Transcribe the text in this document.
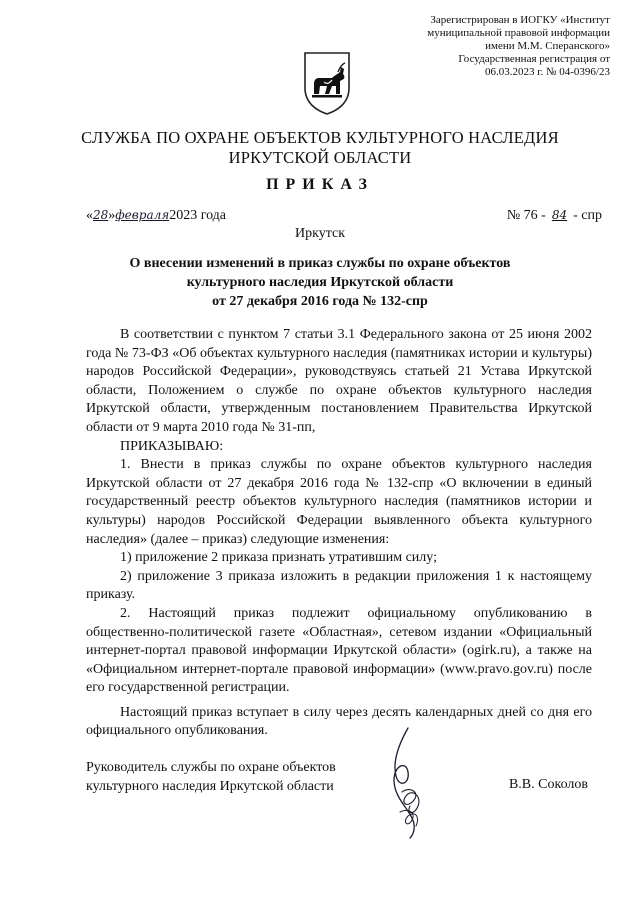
Зарегистрирован в ИОГКУ «Институт
муниципальной правовой информации
имени М.М. Сперанского»
Государственная регистрация от
06.03.2023 г. № 04-0396/23
СЛУЖБА ПО ОХРАНЕ ОБЪЕКТОВ КУЛЬТУРНОГО НАСЛЕДИЯ
ИРКУТСКОЙ ОБЛАСТИ
ПРИКАЗ
«28»февраля2023 года	№ 76 - 84 - спр
Иркутск
О внесении изменений в приказ службы по охране объектов
культурного наследия Иркутской области
от 27 декабря 2016 года № 132-спр

В соответствии с пунктом 7 статьи 3.1 Федерального закона от 25 июня 2002 года № 73-ФЗ «Об объектах культурного наследия (памятниках истории и культуры) народов Российской Федерации», руководствуясь статьей 21 Устава Иркутской области, Положением о службе по охране объектов культурного наследия Иркутской области, утвержденным постановлением Правительства Иркутской области от 9 марта 2010 года № 31-пп,

ПРИКАЗЫВАЮ:

1. Внести в приказ службы по охране объектов культурного наследия Иркутской области от 27 декабря 2016 года № 132-спр «О включении в единый государственный реестр объектов культурного наследия (памятников истории и культуры) народов Российской Федерации выявленного объекта культурного наследия» (далее – приказ) следующие изменения:

1) приложение 2 приказа признать утратившим силу;

2) приложение 3 приказа изложить в редакции приложения 1 к настоящему приказу.

2. Настоящий приказ подлежит официальному опубликованию в общественно-политической газете «Областная», сетевом издании «Официальный интернет-портал правовой информации Иркутской области» (ogirk.ru), а также на «Официальном интернет-портале правовой информации» (www.pravo.gov.ru) после его государственной регистрации.

Настоящий приказ вступает в силу через десять календарных дней со дня его официального опубликования.

Руководитель службы по охране объектов
культурного наследия Иркутской области	В.В. Соколов
